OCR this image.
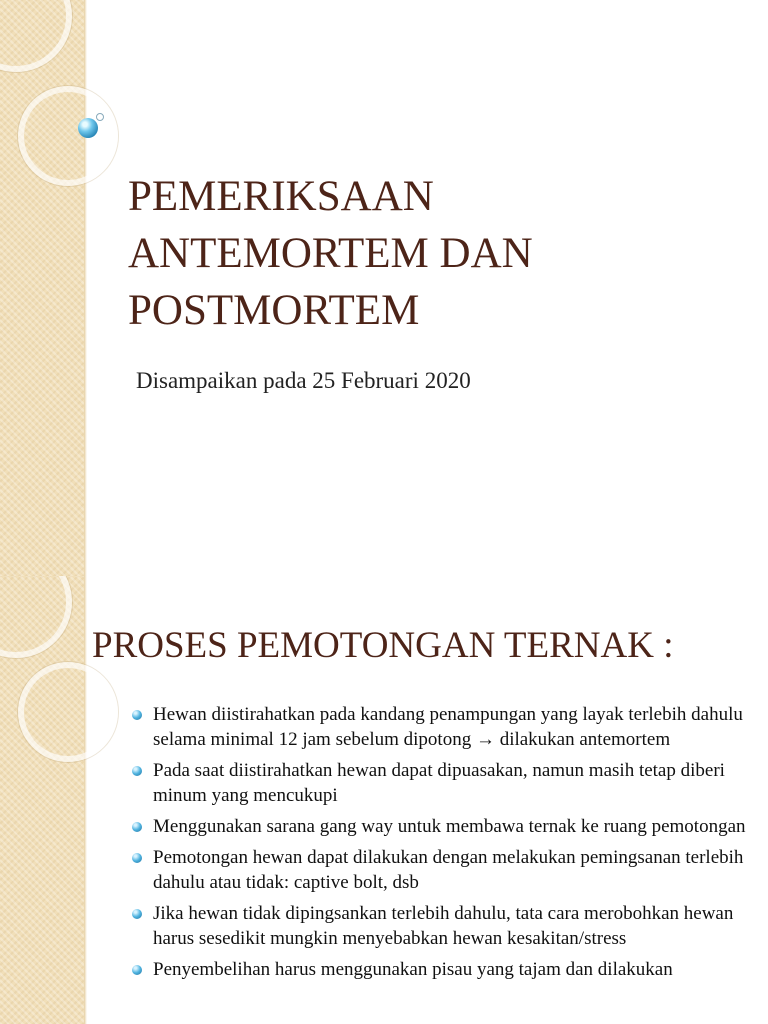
PEMERIKSAAN
ANTEMORTEM DAN
POSTMORTEM

Disampaikan pada 25 Februari 2020

PROSES PEMOTONGAN TERNAK :
Hewan diistirahatkan pada kandang penampungan yang layak terlebih dahulu selama minimal 12 jam sebelum dipotong → dilakukan antemortem
Pada saat diistirahatkan hewan dapat dipuasakan, namun masih tetap diberi minum yang mencukupi
Menggunakan sarana gang way untuk membawa ternak ke ruang pemotongan
Pemotongan hewan dapat dilakukan dengan melakukan pemingsanan terlebih dahulu atau tidak: captive bolt, dsb
Jika hewan tidak dipingsankan terlebih dahulu, tata cara merobohkan hewan harus sesedikit mungkin menyebabkan hewan kesakitan/stress
Penyembelihan harus menggunakan pisau yang tajam dan dilakukan
